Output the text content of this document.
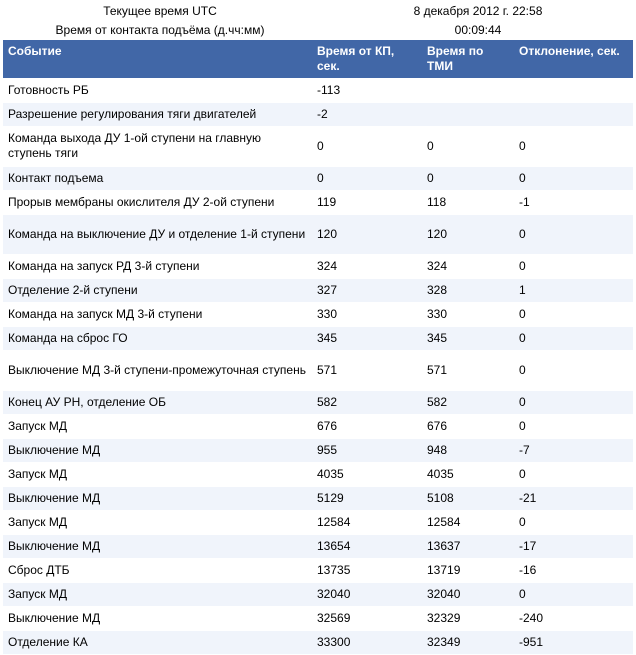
Текущее время UTC	8 декабря 2012 г. 22:58
Время от контакта подъёма (д.чч:мм)	00:09:44
Событие	Время от КП, сек.	Время по ТМИ	Отклонение, сек.
Готовность РБ	-113		
Разрешение регулирования тяги двигателей	-2		
Команда выхода ДУ 1-ой ступени на главную ступень тяги	0	0	0
Контакт подъема	0	0	0
Прорыв мембраны окислителя ДУ 2-ой ступени	119	118	-1
Команда на выключение ДУ и отделение 1-й ступени	120	120	0
Команда на запуск РД 3-й ступени	324	324	0
Отделение 2-й ступени	327	328	1
Команда на запуск МД 3-й ступени	330	330	0
Команда на сброс ГО	345	345	0
Выключение МД 3-й ступени-промежуточная ступень	571	571	0
Конец АУ РН, отделение ОБ	582	582	0
Запуск МД	676	676	0
Выключение МД	955	948	-7
Запуск МД	4035	4035	0
Выключение МД	5129	5108	-21
Запуск МД	12584	12584	0
Выключение МД	13654	13637	-17
Сброс ДТБ	13735	13719	-16
Запуск МД	32040	32040	0
Выключение МД	32569	32329	-240
Отделение КА	33300	32349	-951
